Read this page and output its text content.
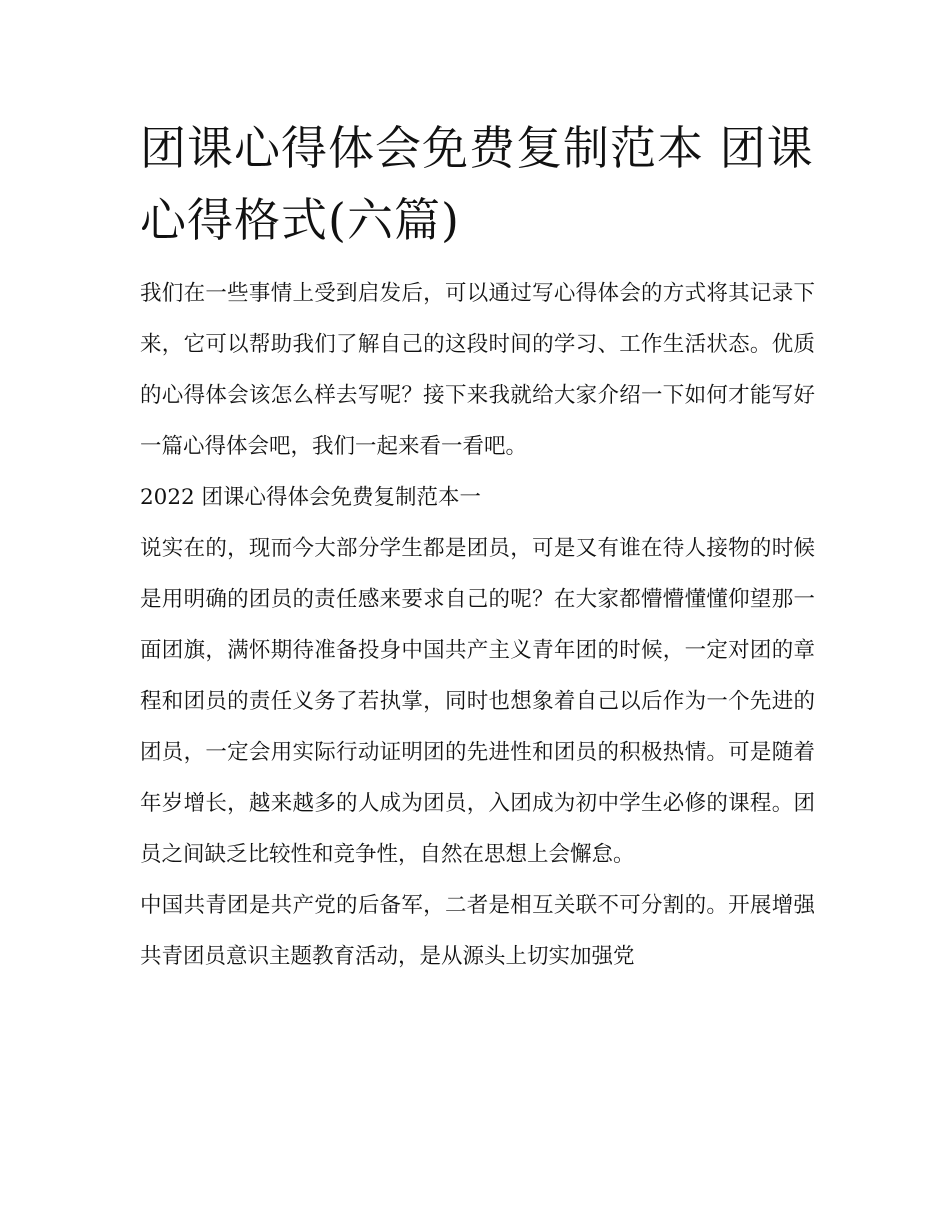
团课心得体会免费复制范本 团课心得格式(六篇)

我们在一些事情上受到启发后，可以通过写心得体会的方式将其记录下来，它可以帮助我们了解自己的这段时间的学习、工作生活状态。优质的心得体会该怎么样去写呢？接下来我就给大家介绍一下如何才能写好一篇心得体会吧，我们一起来看一看吧。

2022 团课心得体会免费复制范本一

说实在的，现而今大部分学生都是团员，可是又有谁在待人接物的时候是用明确的团员的责任感来要求自己的呢？在大家都懵懵懂懂仰望那一面团旗，满怀期待准备投身中国共产主义青年团的时候，一定对团的章程和团员的责任义务了若执掌，同时也想象着自己以后作为一个先进的团员，一定会用实际行动证明团的先进性和团员的积极热情。可是随着年岁增长，越来越多的人成为团员，入团成为初中学生必修的课程。团员之间缺乏比较性和竞争性，自然在思想上会懈怠。

中国共青团是共产党的后备军，二者是相互关联不可分割的。开展增强共青团员意识主题教育活动，是从源头上切实加强党
